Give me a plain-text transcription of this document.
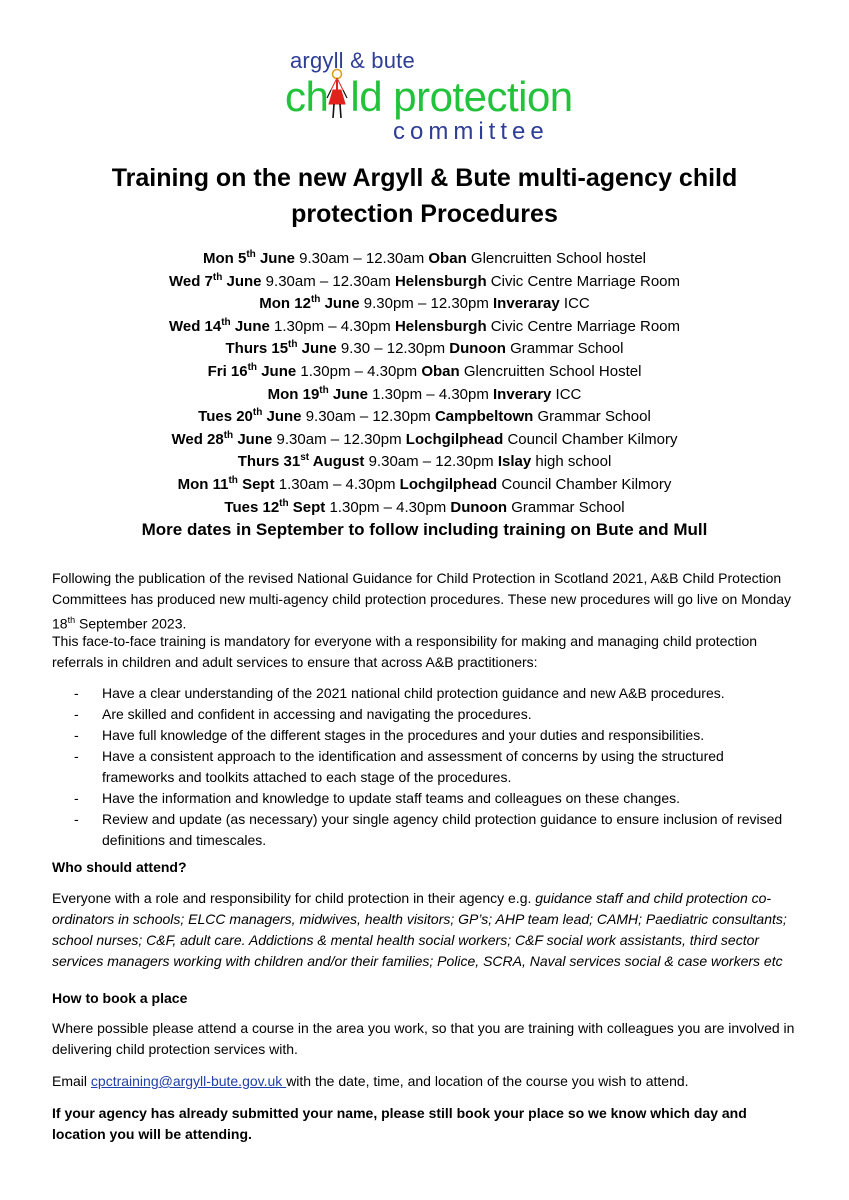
argyll & bute
ch ld protection
committee
Training on the new Argyll & Bute multi-agency child
protection Procedures
Mon 5th June 9.30am – 12.30am Oban Glencruitten School hostel
Wed 7th June 9.30am – 12.30am Helensburgh Civic Centre Marriage Room
Mon 12th June 9.30pm – 12.30pm Inveraray ICC
Wed 14th June 1.30pm – 4.30pm Helensburgh Civic Centre Marriage Room
Thurs 15th June 9.30 – 12.30pm Dunoon Grammar School
Fri 16th June 1.30pm – 4.30pm Oban Glencruitten School Hostel
Mon 19th June 1.30pm – 4.30pm Inverary ICC
Tues 20th June 9.30am – 12.30pm Campbeltown Grammar School
Wed 28th June 9.30am – 12.30pm Lochgilphead Council Chamber Kilmory
Thurs 31st August 9.30am – 12.30pm Islay high school
Mon 11th Sept 1.30am – 4.30pm Lochgilphead Council Chamber Kilmory
Tues 12th Sept 1.30pm – 4.30pm Dunoon Grammar School
More dates in September to follow including training on Bute and Mull
Following the publication of the revised National Guidance for Child Protection in Scotland 2021, A&B Child Protection Committees has produced new multi-agency child protection procedures. These new procedures will go live on Monday 18th September 2023.
This face-to-face training is mandatory for everyone with a responsibility for making and managing child protection referrals in children and adult services to ensure that across A&B practitioners:
- Have a clear understanding of the 2021 national child protection guidance and new A&B procedures.
- Are skilled and confident in accessing and navigating the procedures.
- Have full knowledge of the different stages in the procedures and your duties and responsibilities.
- Have a consistent approach to the identification and assessment of concerns by using the structured frameworks and toolkits attached to each stage of the procedures.
- Have the information and knowledge to update staff teams and colleagues on these changes.
- Review and update (as necessary) your single agency child protection guidance to ensure inclusion of revised definitions and timescales.
Who should attend?
Everyone with a role and responsibility for child protection in their agency e.g. guidance staff and child protection co-ordinators in schools; ELCC managers, midwives, health visitors; GP’s; AHP team lead; CAMH; Paediatric consultants; school nurses; C&F, adult care. Addictions & mental health social workers; C&F social work assistants, third sector services managers working with children and/or their families; Police, SCRA, Naval services social & case workers etc
How to book a place
Where possible please attend a course in the area you work, so that you are training with colleagues you are involved in delivering child protection services with.
Email cpctraining@argyll-bute.gov.uk with the date, time, and location of the course you wish to attend.
If your agency has already submitted your name, please still book your place so we know which day and location you will be attending.
